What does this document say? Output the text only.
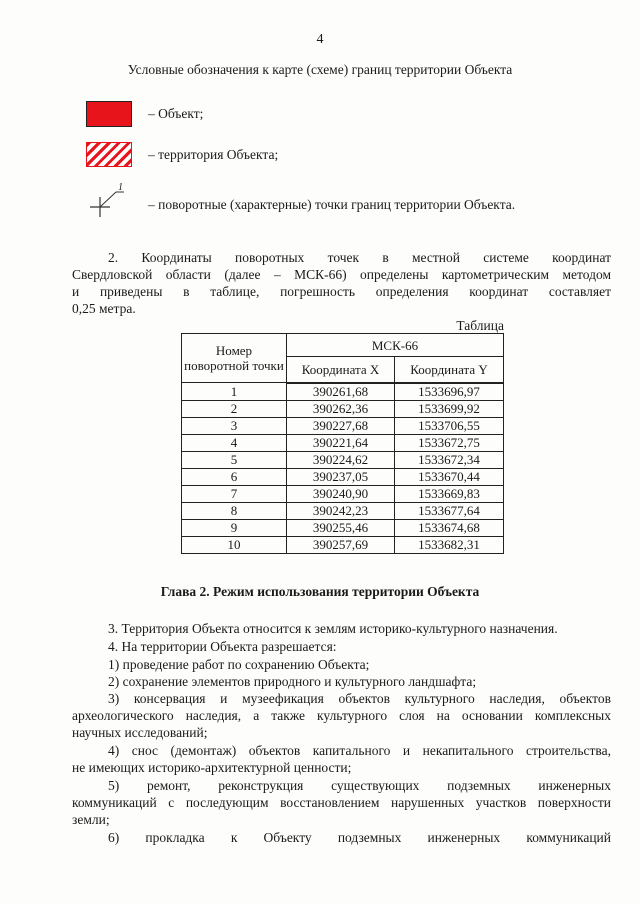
4
Условные обозначения к карте (схеме) границ территории Объекта
– Объект;
– территория Объекта;
1
– поворотные (характерные) точки границ территории Объекта.
2. Координаты поворотных точек в местной системе координат
Свердловской области (далее – МСК-66) определены картометрическим методом
и приведены в таблице, погрешность определения координат составляет
0,25 метра.
Таблица
Номер поворотной точки	МСК-66	
	Координата X	Координата Y
1	390261,68	1533696,97
2	390262,36	1533699,92
3	390227,68	1533706,55
4	390221,64	1533672,75
5	390224,62	1533672,34
6	390237,05	1533670,44
7	390240,90	1533669,83
8	390242,23	1533677,64
9	390255,46	1533674,68
10	390257,69	1533682,31
Глава 2. Режим использования территории Объекта
3. Территория Объекта относится к землям историко-культурного назначения.
4. На территории Объекта разрешается:
1) проведение работ по сохранению Объекта;
2) сохранение элементов природного и культурного ландшафта;
3) консервация и музеефикация объектов культурного наследия, объектов
археологического наследия, а также культурного слоя на основании комплексных
научных исследований;
4) снос (демонтаж) объектов капитального и некапитального строительства,
не имеющих историко-архитектурной ценности;
5) ремонт, реконструкция существующих подземных инженерных
коммуникаций с последующим восстановлением нарушенных участков поверхности
земли;
6) прокладка к Объекту подземных инженерных коммуникаций
